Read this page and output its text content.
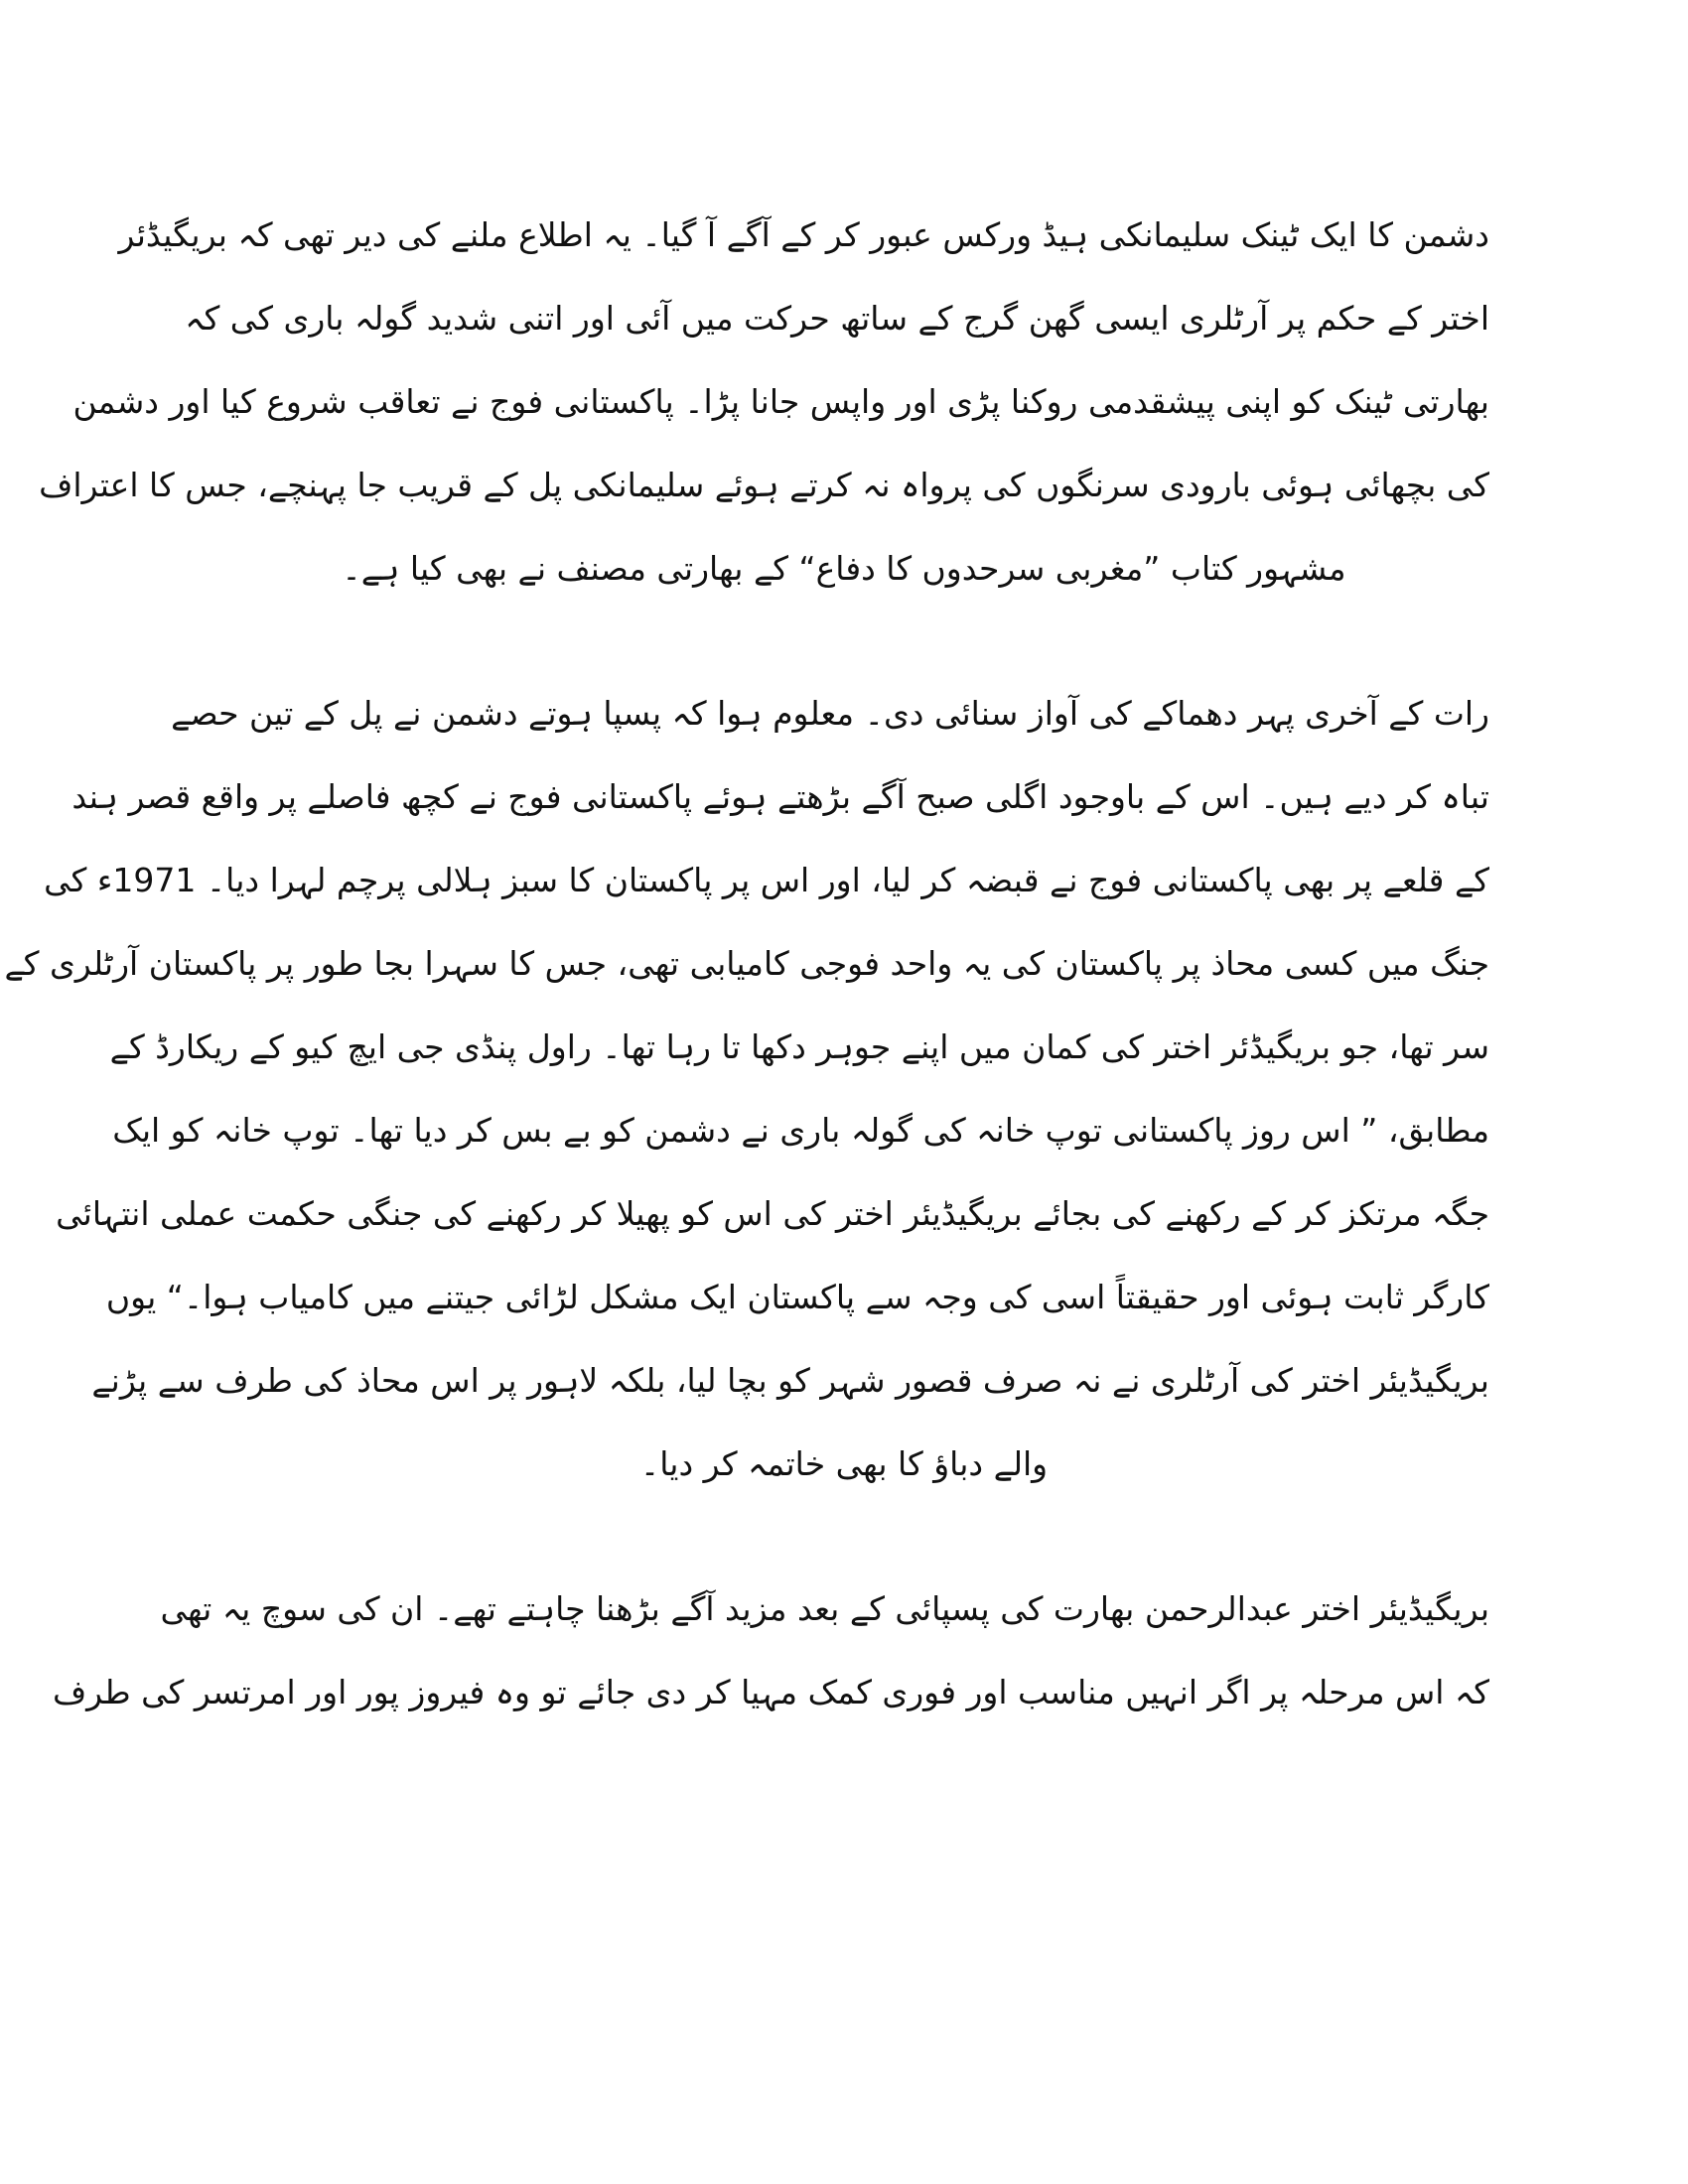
دشمن کا ایک ٹینک سلیمانکی ہیڈ ورکس عبور کر کے آگے آ گیا۔ یہ اطلاع ملنے کی دیر تھی کہ بریگیڈئر
اختر کے حکم پر آرٹلری ایسی گھن گرج کے ساتھ حرکت میں آئی اور اتنی شدید گولہ باری کی کہ
بھارتی ٹینک کو اپنی پیشقدمی روکنا پڑی اور واپس جانا پڑا۔ پاکستانی فوج نے تعاقب شروع کیا اور دشمن
کی بچھائی ہوئی بارودی سرنگوں کی پرواہ نہ کرتے ہوئے سلیمانکی پل کے قریب جا پہنچے، جس کا اعتراف
مشہور کتاب ”مغربی سرحدوں کا دفاع“ کے بھارتی مصنف نے بھی کیا ہے۔
رات کے آخری پہر دھماکے کی آواز سنائی دی۔ معلوم ہوا کہ پسپا ہوتے دشمن نے پل کے تین حصے
تباہ کر دیے ہیں۔ اس کے باوجود اگلی صبح آگے بڑھتے ہوئے پاکستانی فوج نے کچھ فاصلے پر واقع قصر ہند
کے قلعے پر بھی پاکستانی فوج نے قبضہ کر لیا، اور اس پر پاکستان کا سبز ہلالی پرچم لہرا دیا۔ 1971ء کی
جنگ میں کسی محاذ پر پاکستان کی یہ واحد فوجی کامیابی تھی، جس کا سہرا بجا طور پر پاکستان آرٹلری کے
سر تھا، جو بریگیڈئر اختر کی کمان میں اپنے جوہر دکھا تا رہا تھا۔ راول پنڈی جی ایچ کیو کے ریکارڈ کے
مطابق، ” اس روز پاکستانی توپ خانہ کی گولہ باری نے دشمن کو بے بس کر دیا تھا۔ توپ خانہ کو ایک
جگہ مرتکز کر کے رکھنے کی بجائے بریگیڈیئر اختر کی اس کو پھیلا کر رکھنے کی جنگی حکمت عملی انتہائی
کارگر ثابت ہوئی اور حقیقتاً اسی کی وجہ سے پاکستان ایک مشکل لڑائی جیتنے میں کامیاب ہوا۔“ یوں
بریگیڈیئر اختر کی آرٹلری نے نہ صرف قصور شہر کو بچا لیا، بلکہ لاہور پر اس محاذ کی طرف سے پڑنے
والے دباؤ کا بھی خاتمہ کر دیا۔
بریگیڈیئر اختر عبدالرحمن بھارت کی پسپائی کے بعد مزید آگے بڑھنا چاہتے تھے۔ ان کی سوچ یہ تھی
کہ اس مرحلہ پر اگر انہیں مناسب اور فوری کمک مہیا کر دی جائے تو وہ فیروز پور اور امرتسر کی طرف
